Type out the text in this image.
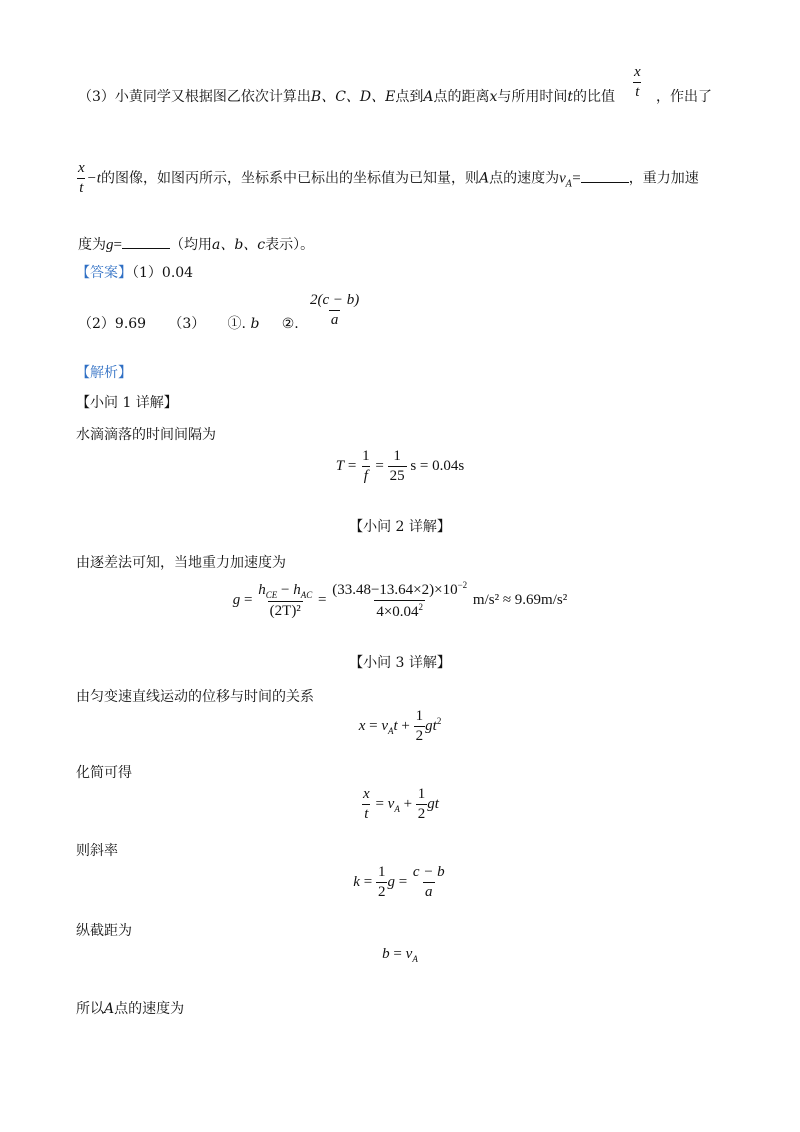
（3）小黄同学又根据图乙依次计算出B、C、D、E点到A点的距离x与所用时间t的比值 $\frac{x}{t}$ ，作出了
$\frac{x}{t} -t$的图像，如图丙所示，坐标系中已标出的坐标值为已知量，则A点的速度为$v_A=$	，重力加速
度为g=	（均用a、b、c表示）。
【答案】（1）0.04
（2）9.69 （3） ①. b ②. $\frac{2(c - b)}{a}$
【解析】
【小问 1 详解】
水滴滴落的时间间隔为
$T = \frac{1}{f} = \frac{1}{25}$ s = 0.04s
【小问 2 详解】
由逐差法可知，当地重力加速度为
$g = \frac{h_{CE} - h_{AC}}{\text{(2T)²}} = \frac{(33.48-13.64\times 2)\times 10^{-2}}{4\times 0.04^2} m/s^2 \approx 9.69m/s^2$
【小问 3 详解】
由匀变速直线运动的位移与时间的关系
$x = v_At + \frac{1}{2} gt^2$
化简可得
$\frac{x}{t} = v_A + \frac{1}{2}$ gt
则斜率
$k = \frac{1}{2}$ $g = \frac{c - b}{a}$
纵截距为
$b = v_A$
所以A点的速度为
